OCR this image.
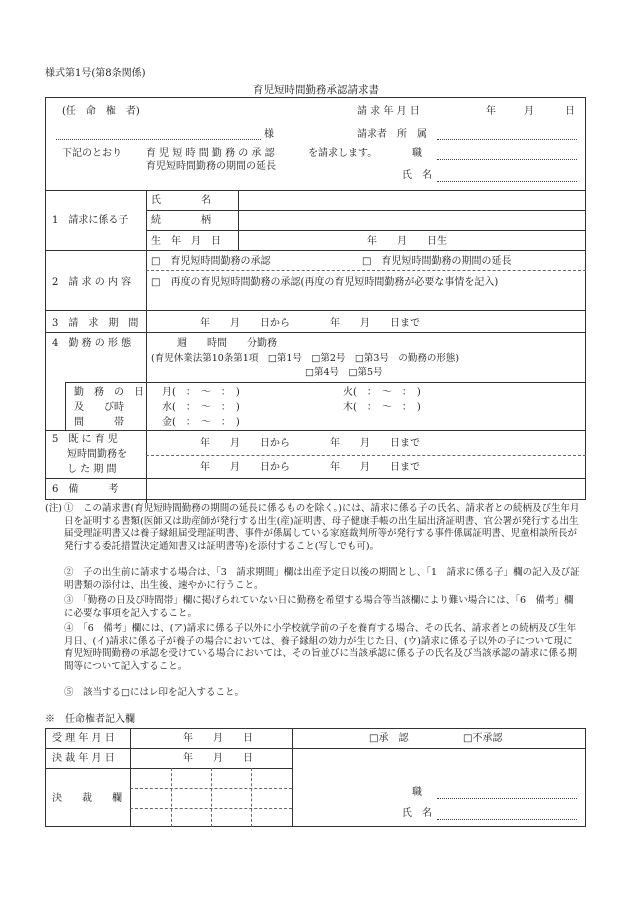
様式第1号(第8条関係)
育児短時間勤務承認請求書
(任　命　権　者)	請 求 年 月 日	年	月	日
様	請求者　所　属
下記のとおり 育 児 短 時 間 勤 務 の 承 認
育児短時間勤務の期間の延長
を請求します。	職
氏　名
1　請求に係る子
氏　　　　名
続　　　　柄
生　年　月　日	年　　月　　日生
2　請 求 の 内 容
□　育児短時間勤務の承認	□　育児短時間勤務の期間の延長
□　再度の育児短時間勤務の承認(再度の育児短時間勤務が必要な事情を記入)
3　請　求　期　間	年　　月　　日から　　　　年　　月　　日まで
4　勤 務 の 形 態	週　　時間　　分勤務
(育児休業法第10条第1項　□第1号　□第2号　□第3号　の勤務の形態)
□第4号　□第5号
勤　務　の　日
及　　び時
間　　　帯
月(　：　～　：　)	火(　：　～　：　)
水(　：　～　：　)	木(　：　～　：　)
金(　：　～　：　)
5　既 に 育 児
短時間勤務を
し た 期 間
年　　月　　日から　　　　年　　月　　日まで
年　　月　　日から　　　　年　　月　　日まで
6　備　　　考
(注) ①　この請求書(育児短時間勤務の期間の延長に係るものを除く。)には、請求に係る子の氏名、請求者との続柄及び生年月日を証明する書類(医師又は助産師が発行する出生(産)証明書、母子健康手帳の出生届出済証明書、官公署が発行する出生届受理証明書又は養子縁組届受理証明書、事件が係属している家庭裁判所等が発行する事件係属証明書、児童相談所長が発行する委託措置決定通知書又は証明書等)を添付すること(写しでも可)。
②　子の出生前に請求する場合は、「3　請求期間」欄は出産予定日以後の期間とし、「1　請求に係る子」欄の記入及び証明書類の添付は、出生後、速やかに行うこと。
③　「勤務の日及び時間帯」欄に掲げられていない日に勤務を希望する場合等当該欄により難い場合には、「6　備考」欄に必要な事項を記入すること。
④　「6　備考」欄には、(ア)請求に係る子以外に小学校就学前の子を養育する場合、その氏名、請求者との続柄及び生年月日、(イ)請求に係る子が養子の場合においては、養子縁組の効力が生じた日、(ウ)請求に係る子以外の子について現に育児短時間勤務の承認を受けている場合においては、その旨並びに当該承認に係る子の氏名及び当該承認の請求に係る期間等について記入すること。
⑤　該当する□にはレ印を記入すること。
※　任命権者記入欄
受 理 年 月 日	年　　月　　日
決 裁 年 月 日	年　　月　　日
決　　裁　　欄
□承　認	□不承認
職
氏　名
